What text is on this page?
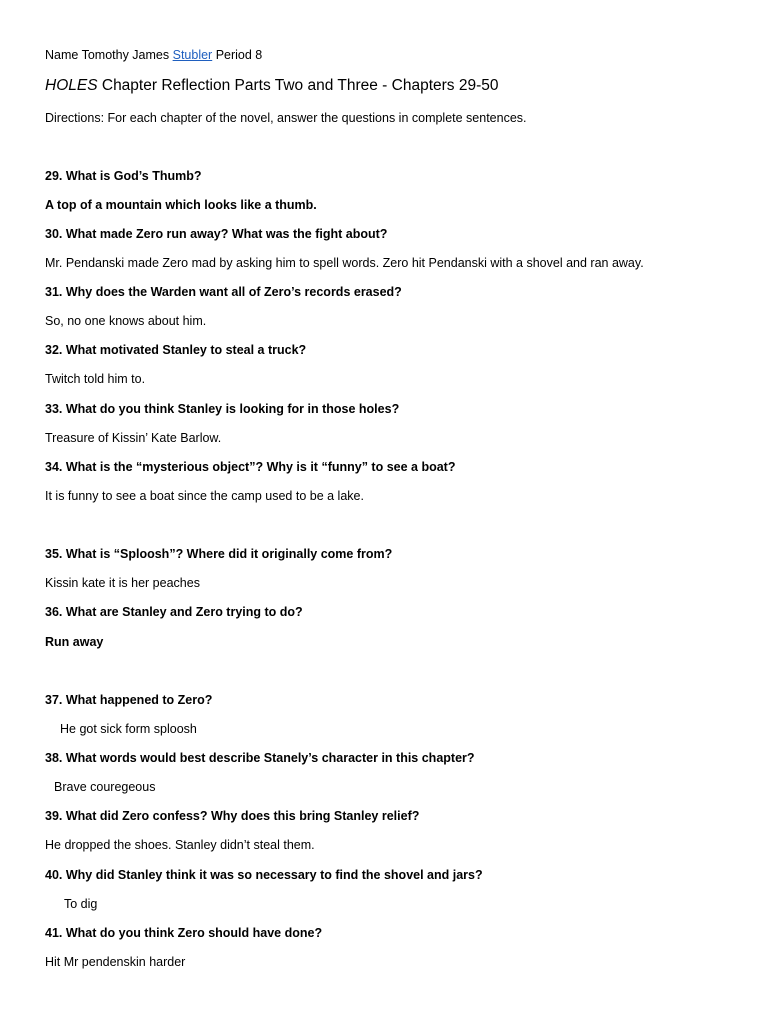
Name Tomothy James Stubler Period 8
HOLES Chapter Reflection Parts Two and Three - Chapters 29-50
Directions: For each chapter of the novel, answer the questions in complete sentences.
29. What is God’s Thumb?
A top of a mountain which looks like a thumb.
30. What made Zero run away? What was the fight about?
Mr. Pendanski made Zero mad by asking him to spell words. Zero hit Pendanski with a shovel and ran away.
31. Why does the Warden want all of Zero’s records erased?
So, no one knows about him.
32. What motivated Stanley to steal a truck?
Twitch told him to.
33. What do you think Stanley is looking for in those holes?
Treasure of Kissin’ Kate Barlow.
34. What is the “mysterious object”? Why is it “funny” to see a boat?
It is funny to see a boat since the camp used to be a lake.
35. What is “Sploosh”? Where did it originally come from?
Kissin kate it is her peaches
36. What are Stanley and Zero trying to do?
Run away
37. What happened to Zero?
He got sick form sploosh
38. What words would best describe Stanely’s character in this chapter?
Brave couregeous
39. What did Zero confess? Why does this bring Stanley relief?
He dropped the shoes. Stanley didn’t steal them.
40. Why did Stanley think it was so necessary to find the shovel and jars?
To dig
41. What do you think Zero should have done?
Hit Mr pendenskin harder
